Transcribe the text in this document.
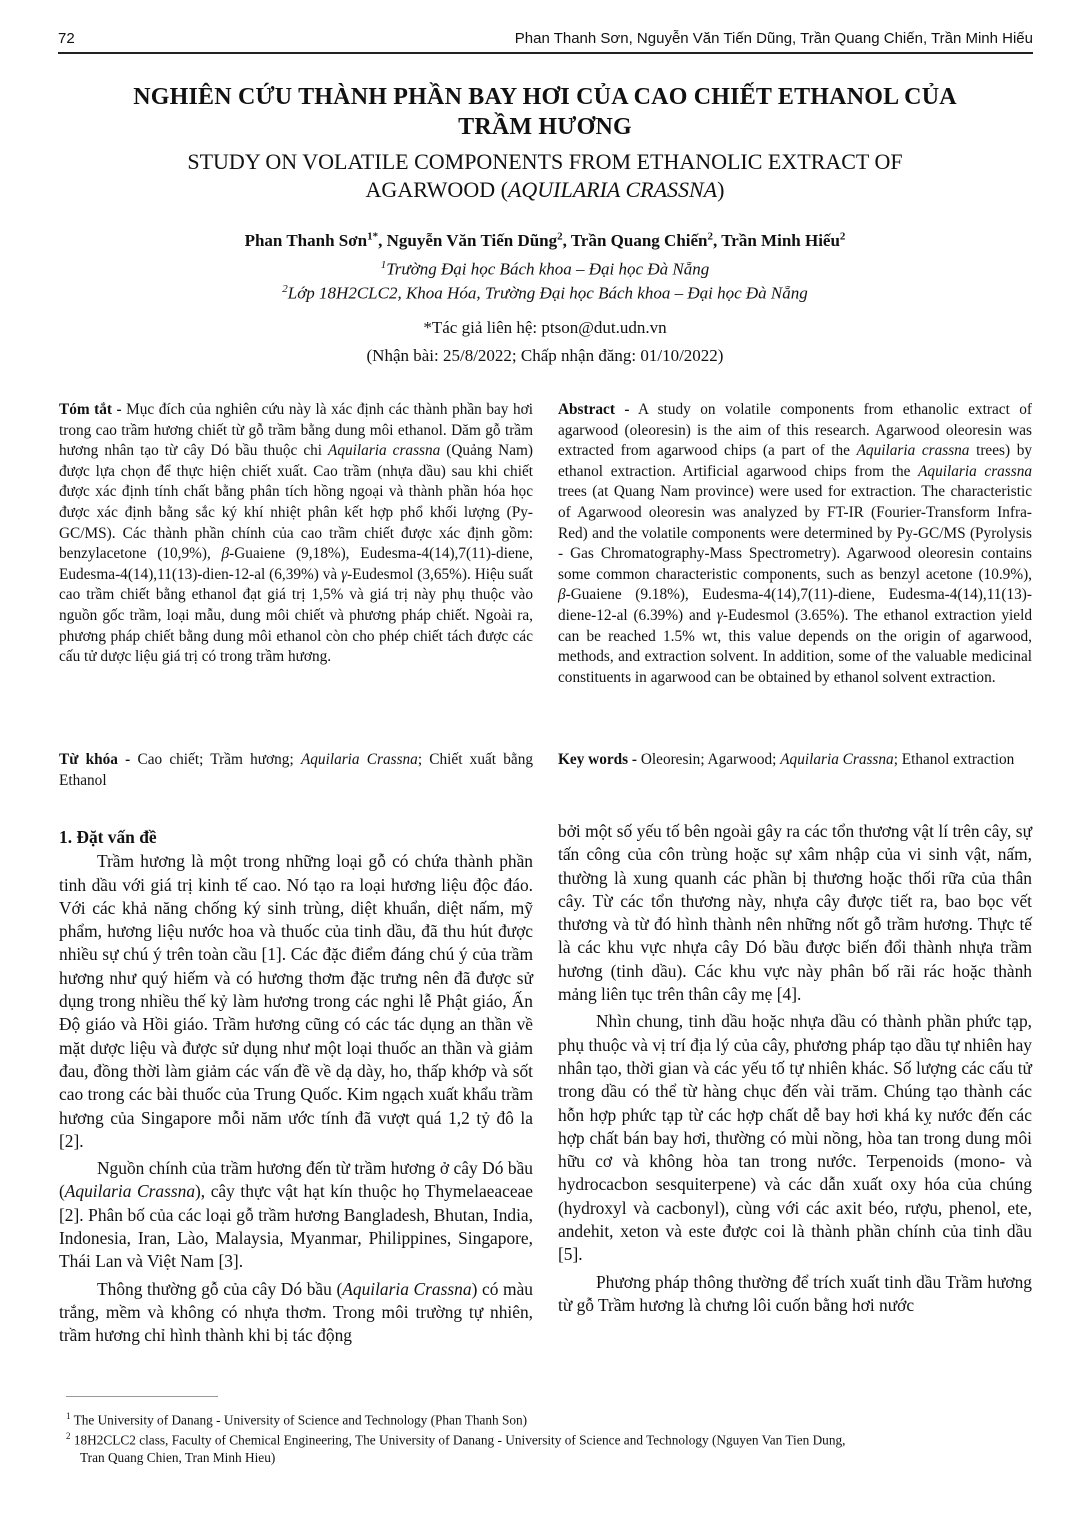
72	Phan Thanh Sơn, Nguyễn Văn Tiến Dũng, Trần Quang Chiến, Trần Minh Hiếu
NGHIÊN CỨU THÀNH PHẦN BAY HƠI CỦA CAO CHIẾT ETHANOL CỦA
TRẦM HƯƠNG
STUDY ON VOLATILE COMPONENTS FROM ETHANOLIC EXTRACT OF
AGARWOOD (AQUILARIA CRASSNA)
Phan Thanh Sơn$^{1*}$, Nguyễn Văn Tiến Dũng$^2$, Trần Quang Chiến$^2$, Trần Minh Hiếu$^2$
$^1$Trường Đại học Bách khoa – Đại học Đà Nẵng
$^2$Lớp 18H2CLC2, Khoa Hóa, Trường Đại học Bách khoa – Đại học Đà Nẵng
*Tác giả liên hệ: ptson@dut.udn.vn
(Nhận bài: 25/8/2022; Chấp nhận đăng: 01/10/2022)
Tóm tắt - Mục đích của nghiên cứu này là xác định các thành phần bay hơi trong cao trầm hương chiết từ gỗ trầm bằng dung môi ethanol. Dăm gỗ trầm hương nhân tạo từ cây Dó bầu thuộc chi Aquilaria crassna (Quảng Nam) được lựa chọn để thực hiện chiết xuất. Cao trầm (nhựa dầu) sau khi chiết được xác định tính chất bằng phân tích hồng ngoại và thành phần hóa học được xác định bằng sắc ký khí nhiệt phân kết hợp phổ khối lượng (Py-GC/MS). Các thành phần chính của cao trầm chiết được xác định gồm: benzylacetone (10,9%), β-Guaiene (9,18%), Eudesma-4(14),7(11)-diene, Eudesma-4(14),11(13)-dien-12-al (6,39%) và γ-Eudesmol (3,65%). Hiệu suất cao trầm chiết bằng ethanol đạt giá trị 1,5% và giá trị này phụ thuộc vào nguồn gốc trầm, loại mẫu, dung môi chiết và phương pháp chiết. Ngoài ra, phương pháp chiết bằng dung môi ethanol còn cho phép chiết tách được các cấu tử dược liệu giá trị có trong trầm hương.
Từ khóa - Cao chiết; Trầm hương; Aquilaria Crassna; Chiết xuất bằng Ethanol
Abstract - A study on volatile components from ethanolic extract of agarwood (oleoresin) is the aim of this research. Agarwood oleoresin was extracted from agarwood chips (a part of the Aquilaria crassna trees) by ethanol extraction. Artificial agarwood chips from the Aquilaria crassna trees (at Quang Nam province) were used for extraction. The characteristic of Agarwood oleoresin was analyzed by FT-IR (Fourier-Transform Infra-Red) and the volatile components were determined by Py-GC/MS (Pyrolysis - Gas Chromatography-Mass Spectrometry). Agarwood oleoresin contains some common characteristic components, such as benzyl acetone (10.9%), β-Guaiene (9.18%), Eudesma-4(14),7(11)-diene, Eudesma-4(14),11(13)-diene-12-al (6.39%) and γ-Eudesmol (3.65%). The ethanol extraction yield can be reached 1.5% wt, this value depends on the origin of agarwood, methods, and extraction solvent. In addition, some of the valuable medicinal constituents in agarwood can be obtained by ethanol solvent extraction.
Key words - Oleoresin; Agarwood; Aquilaria Crassna; Ethanol extraction
1. Đặt vấn đề

Trầm hương là một trong những loại gỗ có chứa thành phần tinh dầu với giá trị kinh tế cao. Nó tạo ra loại hương liệu độc đáo. Với các khả năng chống ký sinh trùng, diệt khuẩn, diệt nấm, mỹ phẩm, hương liệu nước hoa và thuốc của tinh dầu, đã thu hút được nhiều sự chú ý trên toàn cầu [1]. Các đặc điểm đáng chú ý của trầm hương như quý hiếm và có hương thơm đặc trưng nên đã được sử dụng trong nhiều thế kỷ làm hương trong các nghi lễ Phật giáo, Ấn Độ giáo và Hồi giáo. Trầm hương cũng có các tác dụng an thần về mặt dược liệu và được sử dụng như một loại thuốc an thần và giảm đau, đồng thời làm giảm các vấn đề về dạ dày, ho, thấp khớp và sốt cao trong các bài thuốc của Trung Quốc. Kim ngạch xuất khẩu trầm hương của Singapore mỗi năm ước tính đã vượt quá 1,2 tỷ đô la [2].

Nguồn chính của trầm hương đến từ trầm hương ở cây Dó bầu (Aquilaria Crassna), cây thực vật hạt kín thuộc họ Thymelaeaceae [2]. Phân bố của các loại gỗ trầm hương Bangladesh, Bhutan, India, Indonesia, Iran, Lào, Malaysia, Myanmar, Philippines, Singapore, Thái Lan và Việt Nam [3].

Thông thường gỗ của cây Dó bầu (Aquilaria Crassna) có màu trắng, mềm và không có nhựa thơm. Trong môi trường tự nhiên, trầm hương chỉ hình thành khi bị tác động

bởi một số yếu tố bên ngoài gây ra các tổn thương vật lí trên cây, sự tấn công của côn trùng hoặc sự xâm nhập của vi sinh vật, nấm, thường là xung quanh các phần bị thương hoặc thối rữa của thân cây. Từ các tổn thương này, nhựa cây được tiết ra, bao bọc vết thương và từ đó hình thành nên những nốt gỗ trầm hương. Thực tế là các khu vực nhựa cây Dó bầu được biến đổi thành nhựa trầm hương (tinh dầu). Các khu vực này phân bố rãi rác hoặc thành mảng liên tục trên thân cây mẹ [4].

Nhìn chung, tinh dầu hoặc nhựa dầu có thành phần phức tạp, phụ thuộc và vị trí địa lý của cây, phương pháp tạo dầu tự nhiên hay nhân tạo, thời gian và các yếu tố tự nhiên khác. Số lượng các cấu tử trong dầu có thể từ hàng chục đến vài trăm. Chúng tạo thành các hỗn hợp phức tạp từ các hợp chất dễ bay hơi khá kỵ nước đến các hợp chất bán bay hơi, thường có mùi nồng, hòa tan trong dung môi hữu cơ và không hòa tan trong nước. Terpenoids (mono- và hydrocacbon sesquiterpene) và các dẫn xuất oxy hóa của chúng (hydroxyl và cacbonyl), cùng với các axit béo, rượu, phenol, ete, andehit, xeton và este được coi là thành phần chính của tinh dầu [5].

Phương pháp thông thường để trích xuất tinh dầu Trầm hương từ gỗ Trầm hương là chưng lôi cuốn bằng hơi nước

$^1$ The University of Danang - University of Science and Technology (Phan Thanh Son)
$^2$ 18H2CLC2 class, Faculty of Chemical Engineering, The University of Danang - University of Science and Technology (Nguyen Van Tien Dung,
Tran Quang Chien, Tran Minh Hieu)
